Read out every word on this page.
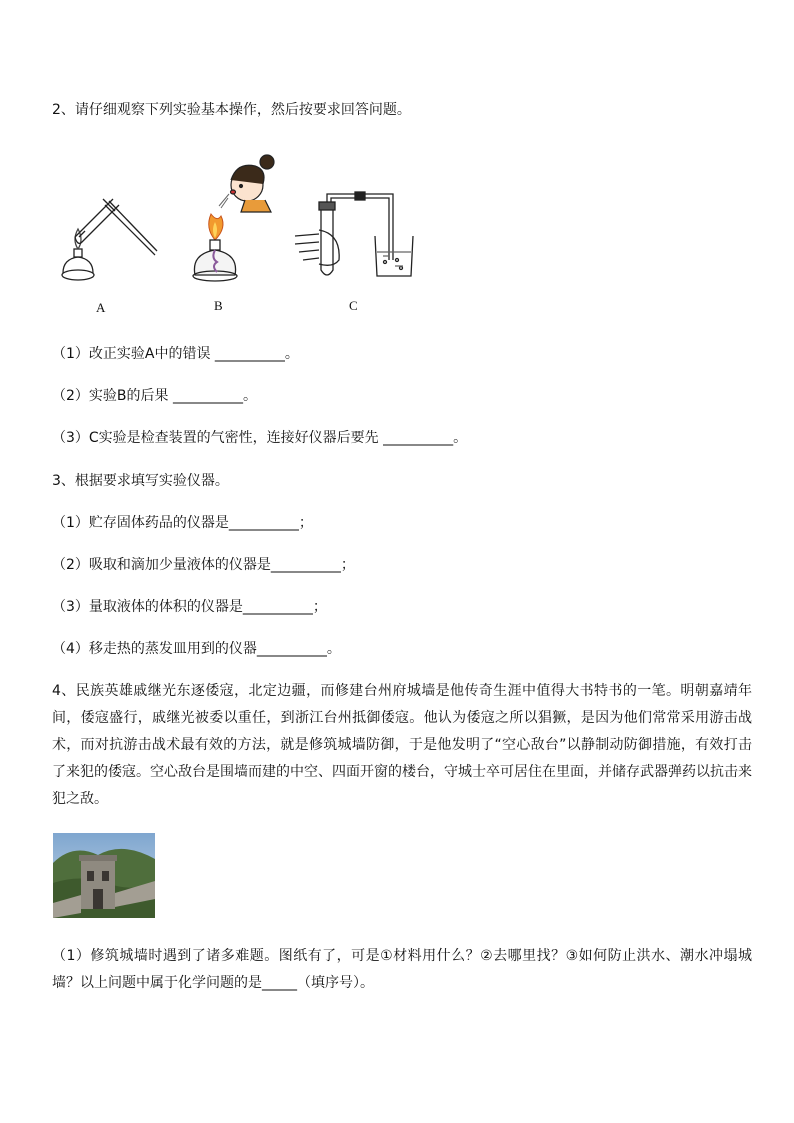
2、请仔细观察下列实验基本操作，然后按要求回答问题。
A	B	C
（1）改正实验A中的错误 __________。
（2）实验B的后果 __________。
（3）C实验是检查装置的气密性，连接好仪器后要先 __________。
3、根据要求填写实验仪器。
（1）贮存固体药品的仪器是__________；
（2）吸取和滴加少量液体的仪器是__________；
（3）量取液体的体积的仪器是__________；
（4）移走热的蒸发皿用到的仪器__________。
4、民族英雄戚继光东逐倭寇，北定边疆，而修建台州府城墙是他传奇生涯中值得大书特书的一笔。明朝嘉靖年间，倭寇盛行，戚继光被委以重任，到浙江台州抵御倭寇。他认为倭寇之所以猖獗，是因为他们常常采用游击战术，而对抗游击战术最有效的方法，就是修筑城墙防御，于是他发明了“空心敌台”以静制动防御措施，有效打击了来犯的倭寇。空心敌台是围墙而建的中空、四面开窗的楼台，守城士卒可居住在里面，并储存武器弹药以抗击来犯之敌。
（1）修筑城墙时遇到了诸多难题。图纸有了，可是①材料用什么？②去哪里找？③如何防止洪水、潮水冲塌城墙？以上问题中属于化学问题的是_____（填序号）。
